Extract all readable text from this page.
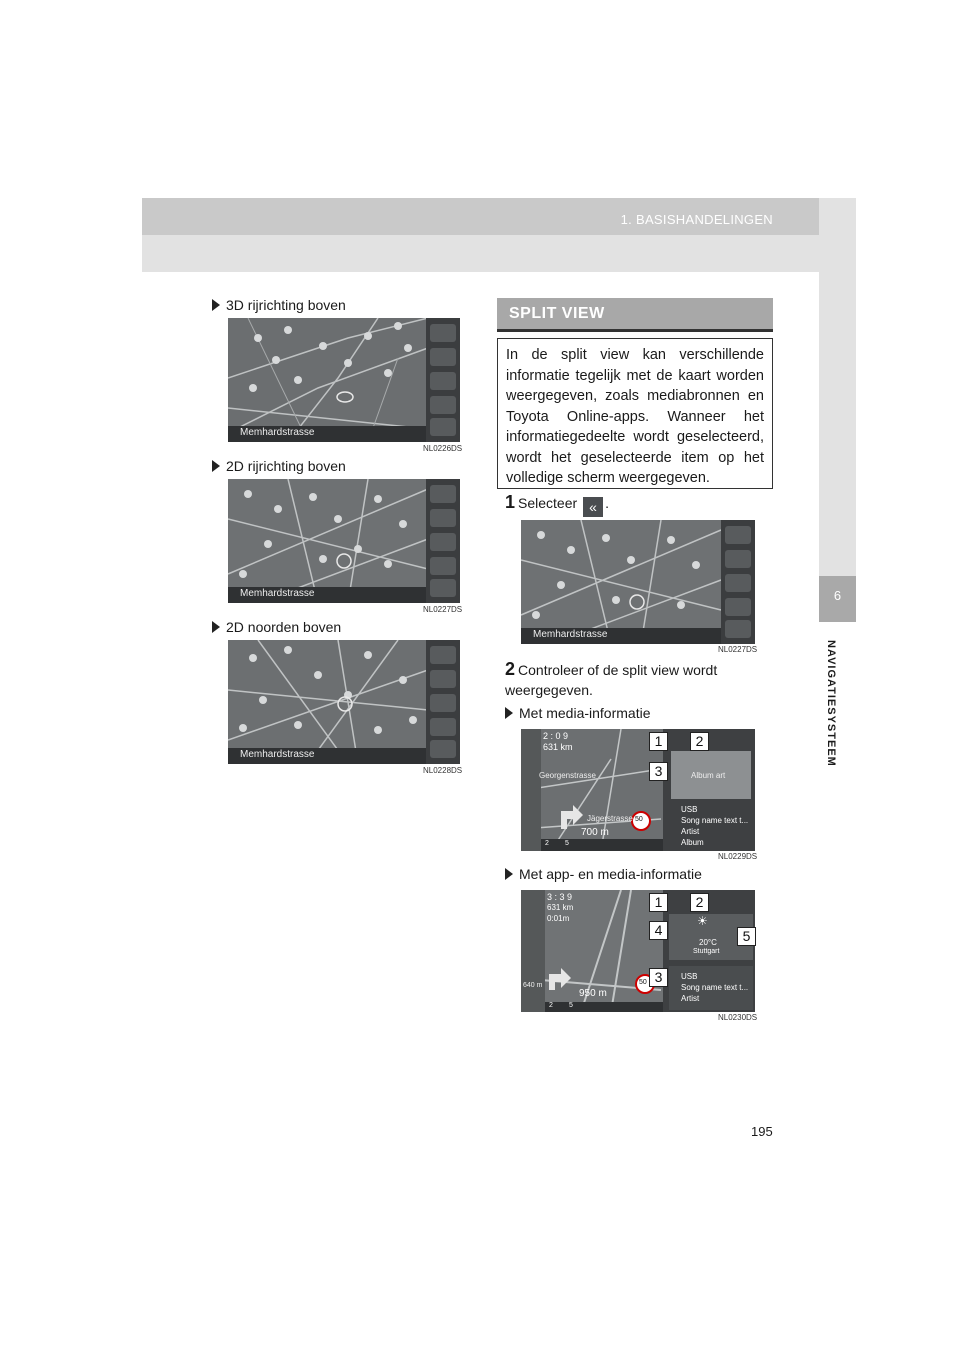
1. BASISHANDELINGEN
6
NAVIGATIESYSTEEM
3D rijrichting boven
Memhardstrasse
NL0226DS
2D rijrichting boven
Memhardstrasse
NL0227DS
2D noorden boven
Memhardstrasse
NL0228DS
SPLIT VIEW
In de split view kan verschillende informatie tegelijk met de kaart worden weergegeven, zoals mediabronnen en Toyota Online-apps. Wanneer het informatiegedeelte wordt geselecteerd, wordt het geselecteerde item op het volledige scherm weergegeven.
1 Selecteer « .
Memhardstrasse
NL0227DS
2 Controleer of de split view wordt weergegeven.
Met media-informatie
2 : 0 9
631 km
Georgenstrasse
Jägerstrasse
700 m
50
2 5
Album art
USB
Song name text t...
Artist
Album
1	2
3
NL0229DS
Met app- en media-informatie
3 : 3 9
631 km
0:01m
640 m
950 m
50
2 5
☀
20°C
Stuttgart
USB
Song name text t...
Artist
1	2
4	5
3
NL0230DS
195
